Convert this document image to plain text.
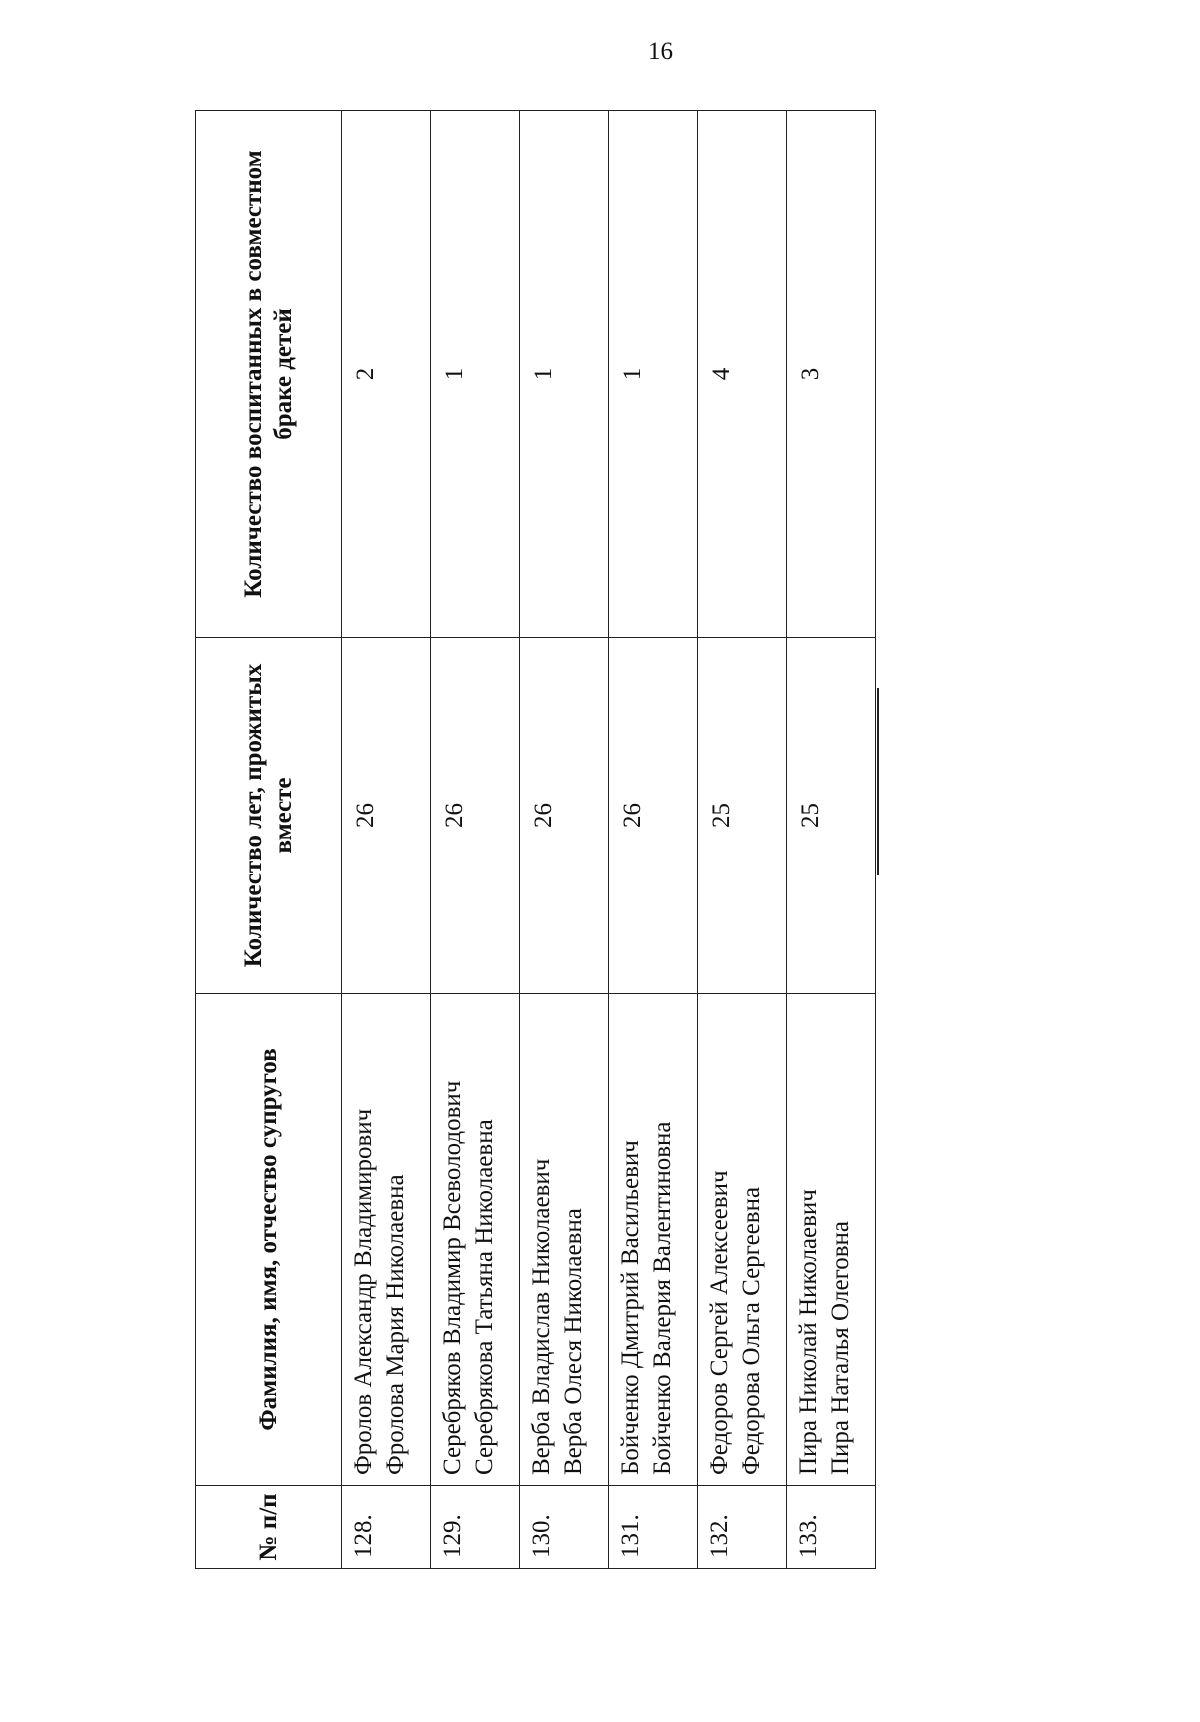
16
№ п/п	Фамилия, имя, отчество супругов	Количество лет, прожитых вместе	Количество воспитанных в совместном браке детей

128.	Фролов Александр Владимирович Фролова Мария Николаевна	26	2
129.	Серебряков Владимир Всеволодович Серебрякова Татьяна Николаевна	26	1
130.	Верба Владислав Николаевич Верба Олеся Николаевна	26	1
131.	Бойченко Дмитрий Васильевич Бойченко Валерия Валентиновна	26	1
132.	Федоров Сергей Алексеевич Федорова Ольга Сергеевна	25	4
133.	Пира Николай Николаевич Пира Наталья Олеговна	25	3
